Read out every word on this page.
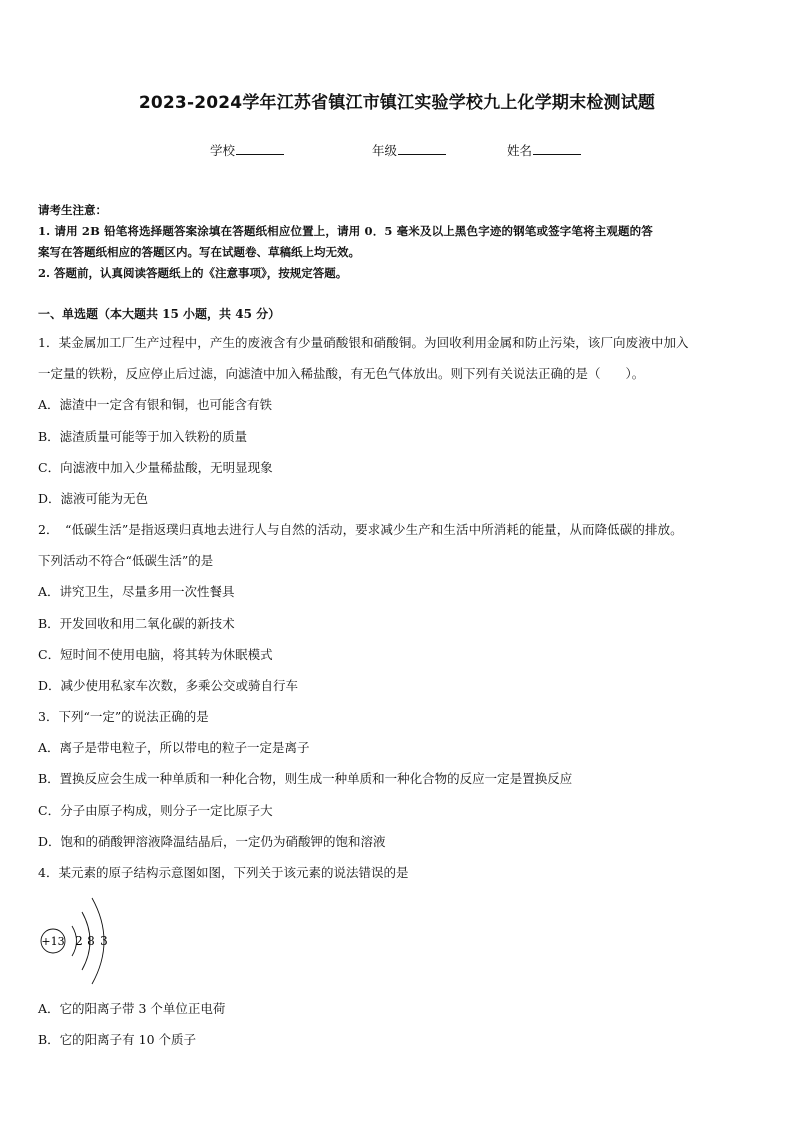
2023-2024学年江苏省镇江市镇江实验学校九上化学期末检测试题
学校	年级	姓名
请考生注意：
1. 请用 2B 铅笔将选择题答案涂填在答题纸相应位置上，请用 0．5 毫米及以上黑色字迹的钢笔或签字笔将主观题的答
案写在答题纸相应的答题区内。写在试题卷、草稿纸上均无效。
2. 答题前，认真阅读答题纸上的《注意事项》，按规定答题。
一、单选题（本大题共 15 小题，共 45 分）
1．某金属加工厂生产过程中，产生的废液含有少量硝酸银和硝酸铜。为回收利用金属和防止污染，该厂向废液中加入
一定量的铁粉，反应停止后过滤，向滤渣中加入稀盐酸，有无色气体放出。则下列有关说法正确的是（　　）。
A．滤渣中一定含有银和铜，也可能含有铁
B．滤渣质量可能等于加入铁粉的质量
C．向滤液中加入少量稀盐酸，无明显现象
D．滤液可能为无色
2．　“低碳生活”是指返璞归真地去进行人与自然的活动，要求减少生产和生活中所消耗的能量，从而降低碳的排放。
下列活动不符合“低碳生活”的是
A．讲究卫生，尽量多用一次性餐具
B．开发回收和用二氧化碳的新技术
C．短时间不使用电脑，将其转为休眠模式
D．减少使用私家车次数，多乘公交或骑自行车
3．下列“一定”的说法正确的是
A．离子是带电粒子，所以带电的粒子一定是离子
B．置换反应会生成一种单质和一种化合物，则生成一种单质和一种化合物的反应一定是置换反应
C．分子由原子构成，则分子一定比原子大
D．饱和的硝酸钾溶液降温结晶后，一定仍为硝酸钾的饱和溶液
4．某元素的原子结构示意图如图，下列关于该元素的说法错误的是
+13 2 8 3
A．它的阳离子带 3 个单位正电荷
B．它的阳离子有 10 个质子
